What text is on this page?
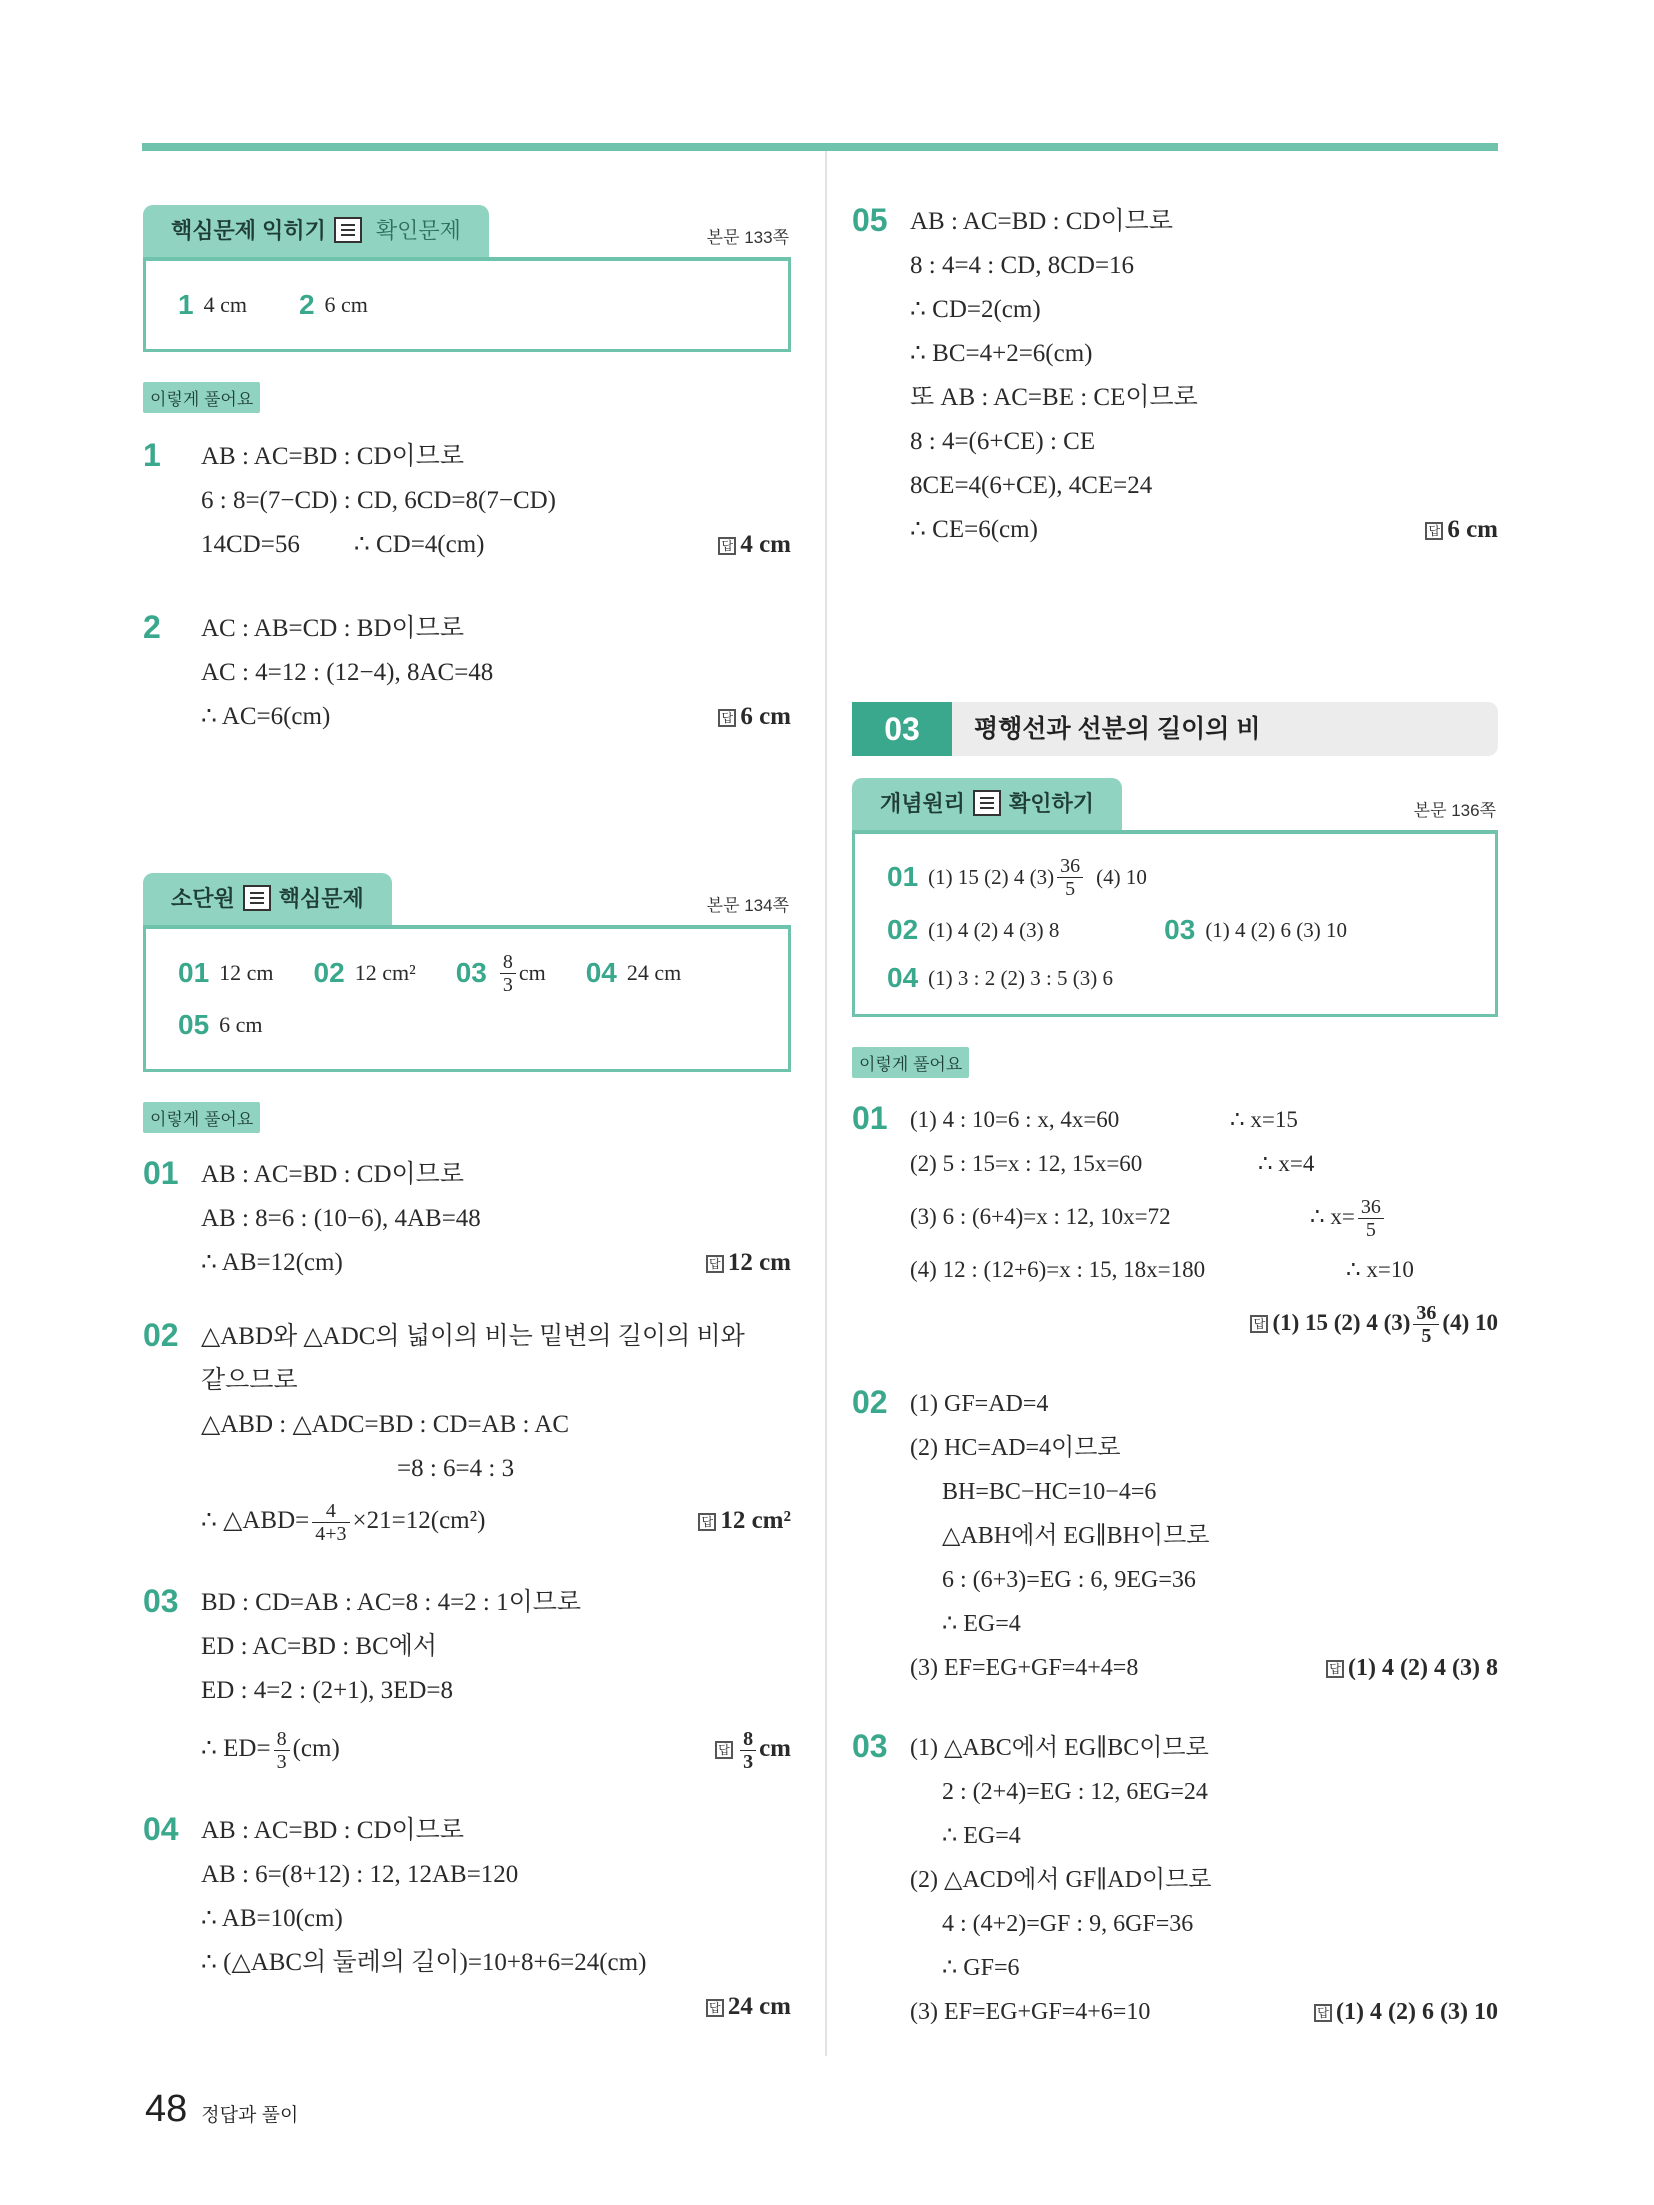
핵심문제 익히기 확인문제	본문 133쪽
1 4 cm 2 6 cm
이렇게 풀어요
1 AB : AC=BD : CD이므로
6 : 8=(7−CD) : CD, 6CD=8(7−CD)
14CD=56 ∴ CD=4(cm)	답 4 cm
2 AC : AB=CD : BD이므로
AC : 4=12 : (12−4), 8AC=48
∴ AC=6(cm)	답 6 cm
소단원 핵심문제	본문 134쪽
01 12 cm 02 12 cm² $03 \frac{8}{3}$ cm 04 24 cm
05 6 cm
이렇게 풀어요
01 AB : AC=BD : CD이므로
AB : 8=6 : (10−6), 4AB=48
∴ AB=12(cm)	답 12 cm
02 △ABD와 △ADC의 넓이의 비는 밑변의 길이의 비와
같으므로
△ABD : △ADC=BD : CD=AB : AC
=8 : 6=4 : 3
∴ △ABD= $\frac{4}{4+3} \times 21=12(cm^2)$	답 12 cm²
03 BD : CD=AB : AC=8 : 4=2 : 1이므로
ED : AC=BD : BC에서
ED : 4=2 : (2+1), 3ED=8
∴ $ED= \frac{8}{3} (cm)$	답 $\frac{8}{3}$ cm
04 AB : AC=BD : CD이므로
AB : 6=(8+12) : 12, 12AB=120
∴ AB=10(cm)
∴ (△ABC의 둘레의 길이)=10+8+6=24(cm)

답 24 cm
05 AB : AC=BD : CD이므로
8 : 4=4 : CD, 8CD=16
∴ CD=2(cm)
∴ BC=4+2=6(cm)
또 AB : AC=BE : CE이므로
8 : 4=(6+CE) : CE
8CE=4(6+CE), 4CE=24
∴ CE=6(cm)	답 6 cm
03	평행선과 선분의 길이의 비
개념원리 확인하기	본문 136쪽
01 (1) 15 (2) 4 $(3) \frac{36}{5} (4)$ 10
02 (1) 4 (2) 4 (3) 8	03 (1) 4 (2) 6 (3) 10
04 (1) 3 : 2 (2) 3 : 5 (3) 6
이렇게 풀어요
01 (1) 4 : 10=6 : x, 4x=60	∴ x=15
(2) 5 : 15=x : 12, 15x=60	∴ x=4
(3) 6 : (6+4)=x : 12, 10x=72	∴ $x= \frac{36}{5}$
(4) 12 : (12+6)=x : 15, 18x=180	∴ x=10

답 (1) 15 (2) 4 $(3) \frac{36}{5} (4)$ 10
02 (1) GF=AD=4
(2) HC=AD=4이므로
BH=BC−HC=10−4=6
△ABH에서 EG∥BH이므로
6 : (6+3)=EG : 6, 9EG=36
∴ EG=4
(3) EF=EG+GF=4+4=8	답 (1) 4 (2) 4 (3) 8
03 (1) △ABC에서 EG∥BC이므로
2 : (2+4)=EG : 12, 6EG=24
∴ EG=4
(2) △ACD에서 GF∥AD이므로
4 : (4+2)=GF : 9, 6GF=36
∴ GF=6
(3) EF=EG+GF=4+6=10	답 (1) 4 (2) 6 (3) 10
48 정답과 풀이
